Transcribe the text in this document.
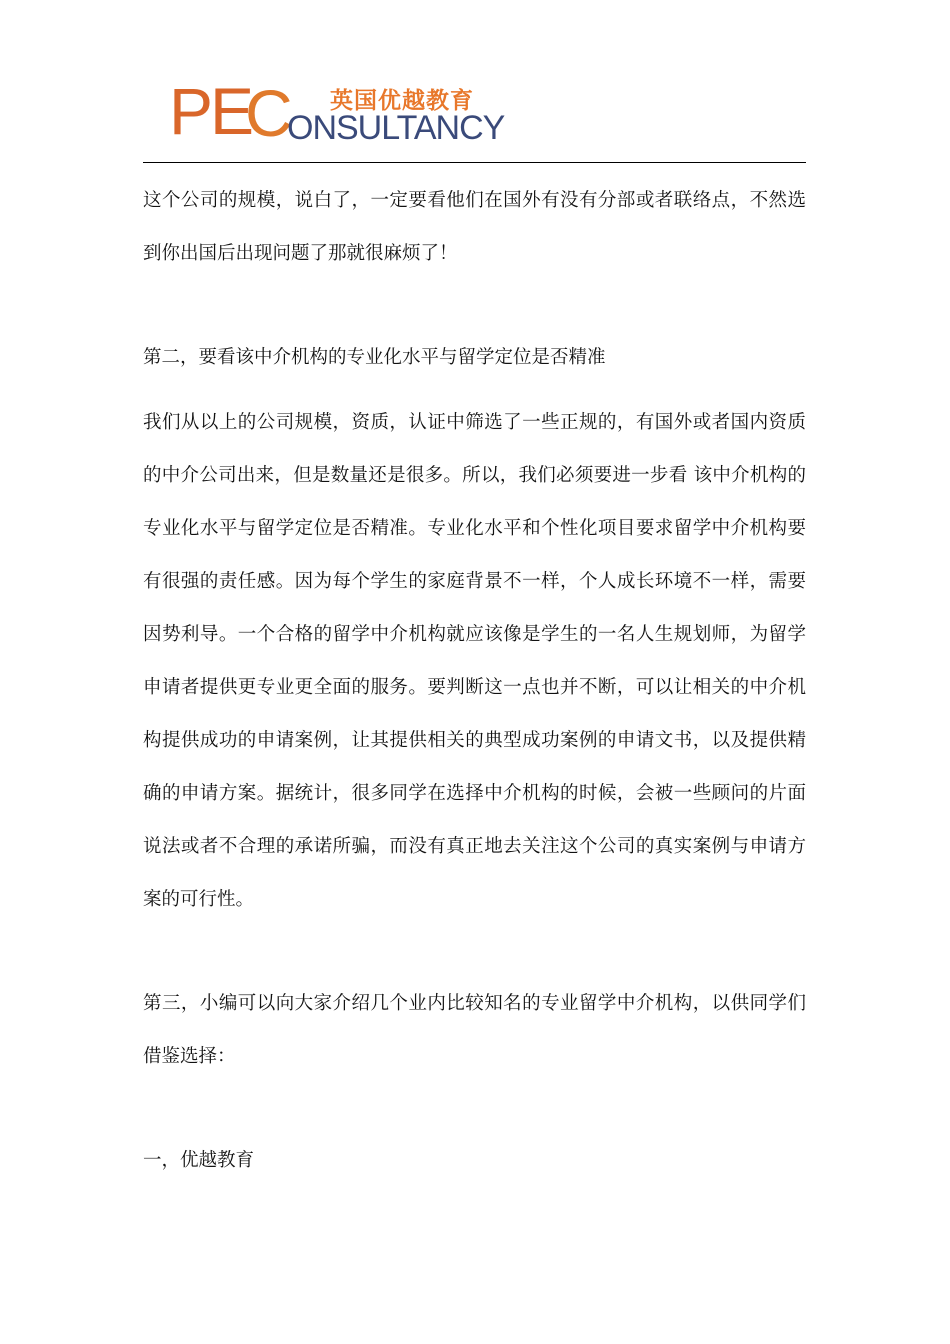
PE
C
ONSULTANCY
英国优越教育

这个公司的规模，说白了，一定要看他们在国外有没有分部或者联络点，不然选到你出国后出现问题了那就很麻烦了！

第二，要看该中介机构的专业化水平与留学定位是否精准

我们从以上的公司规模，资质，认证中筛选了一些正规的，有国外或者国内资质的中介公司出来，但是数量还是很多。所以，我们必须要进一步看 该中介机构的专业化水平与留学定位是否精准。专业化水平和个性化项目要求留学中介机构要有很强的责任感。因为每个学生的家庭背景不一样，个人成长环境不一样，需要因势利导。一个合格的留学中介机构就应该像是学生的一名人生规划师，为留学申请者提供更专业更全面的服务。要判断这一点也并不断，可以让相关的中介机构提供成功的申请案例，让其提供相关的典型成功案例的申请文书，以及提供精确的申请方案。据统计，很多同学在选择中介机构的时候，会被一些顾问的片面说法或者不合理的承诺所骗，而没有真正地去关注这个公司的真实案例与申请方案的可行性。

第三，小编可以向大家介绍几个业内比较知名的专业留学中介机构，以供同学们借鉴选择：

一，优越教育
